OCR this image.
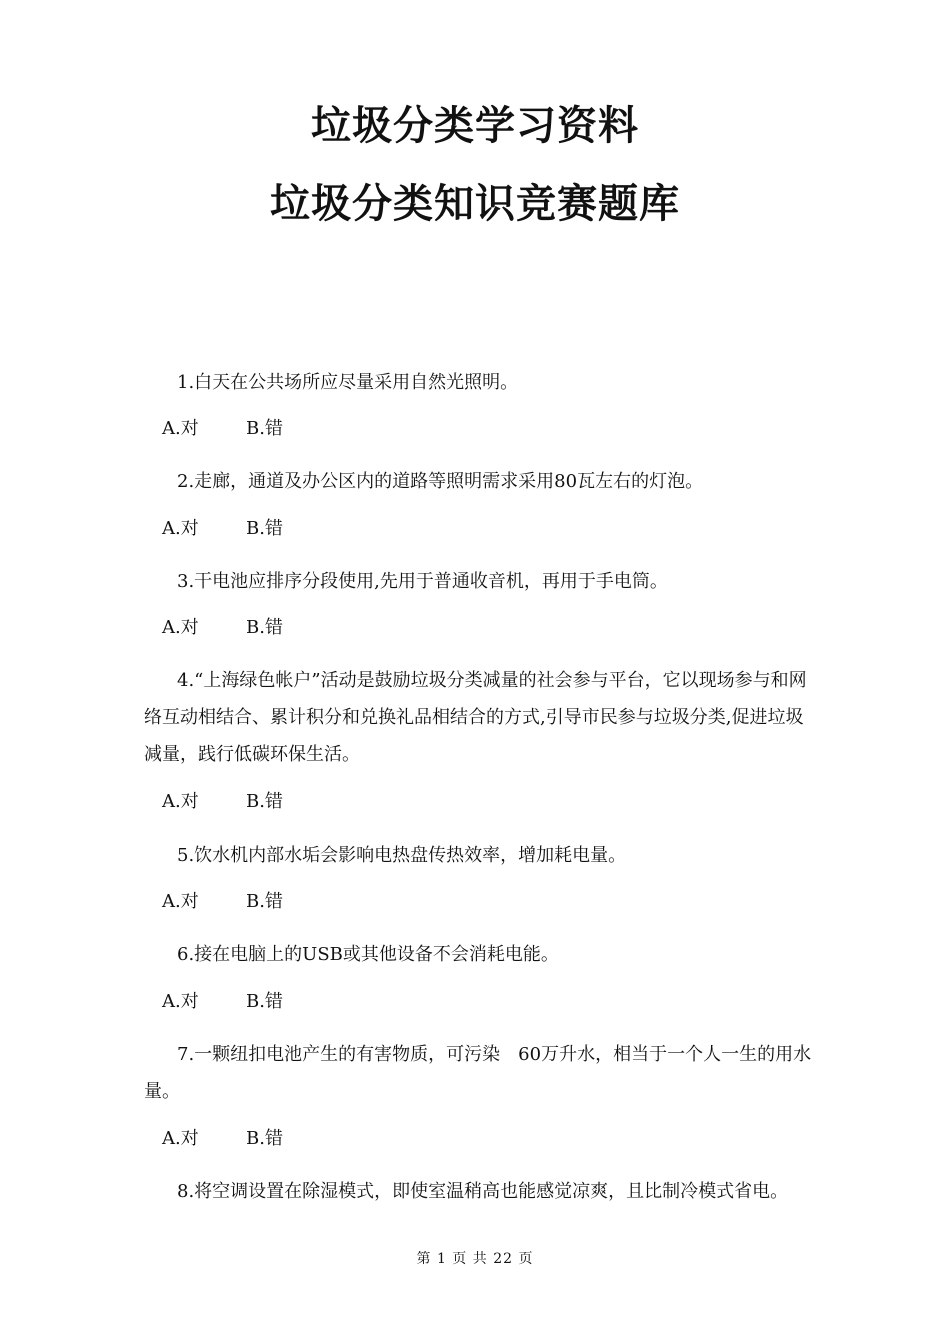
垃圾分类学习资料
垃圾分类知识竞赛题库

1.白天在公共场所应尽量采用自然光照明。

A.对	B.错

2.走廊，通道及办公区内的道路等照明需求采用80瓦左右的灯泡。

A.对	B.错

3.干电池应排序分段使用,先用于普通收音机，再用于手电筒。

A.对	B.错

4.“上海绿色帐户”活动是鼓励垃圾分类减量的社会参与平台，它以现场参与和网络互动相结合、累计积分和兑换礼品相结合的方式,引导市民参与垃圾分类,促进垃圾减量，践行低碳环保生活。

A.对	B.错

5.饮水机内部水垢会影响电热盘传热效率，增加耗电量。

A.对	B.错

6.接在电脑上的USB或其他设备不会消耗电能。

A.对	B.错

7.一颗纽扣电池产生的有害物质，可污染　60万升水，相当于一个人一生的用水量。

A.对	B.错

8.将空调设置在除湿模式，即使室温稍高也能感觉凉爽，且比制冷模式省电。

第 1 页 共 22 页
